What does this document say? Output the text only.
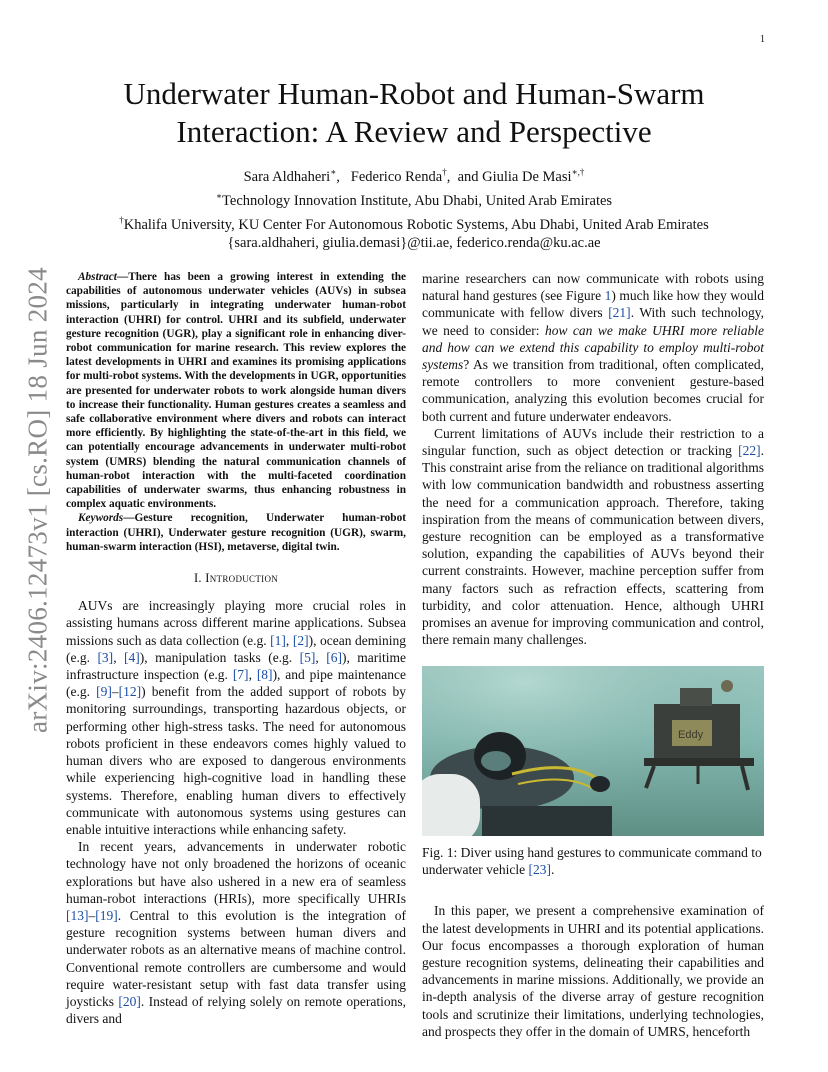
1
arXiv:2406.12473v1 [cs.RO] 18 Jun 2024
Underwater Human-Robot and Human-Swarm
Interaction: A Review and Perspective
Sara Aldhaheri∗,   Federico Renda†,  and Giulia De Masi∗,†
∗Technology Innovation Institute, Abu Dhabi, United Arab Emirates
†Khalifa University, KU Center For Autonomous Robotic Systems, Abu Dhabi, United Arab Emirates
{sara.aldhaheri, giulia.demasi}@tii.ae, federico.renda@ku.ac.ae

Abstract—There has been a growing interest in extending the capabilities of autonomous underwater vehicles (AUVs) in subsea missions, particularly in integrating underwater human-robot interaction (UHRI) for control. UHRI and its subfield, underwater gesture recognition (UGR), play a significant role in enhancing diver-robot communication for marine research. This review explores the latest developments in UHRI and examines its promising applications for multi-robot systems. With the developments in UGR, opportunities are presented for underwater robots to work alongside human divers to increase their functionality. Human gestures creates a seamless and safe collaborative environment where divers and robots can interact more efficiently. By highlighting the state-of-the-art in this field, we can potentially encourage advancements in underwater multi-robot system (UMRS) blending the natural communication channels of human-robot interaction with the multi-faceted coordination capabilities of underwater swarms, thus enhancing robustness in complex aquatic environments.

Keywords—Gesture recognition, Underwater human-robot interaction (UHRI), Underwater gesture recognition (UGR), swarm, human-swarm interaction (HSI), metaverse, digital twin.

I. Introduction

AUVs are increasingly playing more crucial roles in assisting humans across different marine applications. Subsea missions such as data collection (e.g. [1], [2]), ocean demining (e.g. [3], [4]), manipulation tasks (e.g. [5], [6]), maritime infrastructure inspection (e.g. [7], [8]), and pipe maintenance (e.g. [9]–[12]) benefit from the added support of robots by monitoring surroundings, transporting hazardous objects, or performing other high-stress tasks. The need for autonomous robots proficient in these endeavors comes highly valued to human divers who are exposed to dangerous environments while experiencing high-cognitive load in handling these systems. Therefore, enabling human divers to effectively communicate with autonomous systems using gestures can enable intuitive interactions while enhancing safety.

In recent years, advancements in underwater robotic technology have not only broadened the horizons of oceanic explorations but have also ushered in a new era of seamless human-robot interactions (HRIs), more specifically UHRIs [13]–[19]. Central to this evolution is the integration of gesture recognition systems between human divers and underwater robots as an alternative means of machine control. Conventional remote controllers are cumbersome and would require water-resistant setup with fast data transfer using joysticks [20]. Instead of relying solely on remote operations, divers and

marine researchers can now communicate with robots using natural hand gestures (see Figure 1) much like how they would communicate with fellow divers [21]. With such technology, we need to consider: how can we make UHRI more reliable and how can we extend this capability to employ multi-robot systems? As we transition from traditional, often complicated, remote controllers to more convenient gesture-based communication, analyzing this evolution becomes crucial for both current and future underwater endeavors.

Current limitations of AUVs include their restriction to a singular function, such as object detection or tracking [22]. This constraint arise from the reliance on traditional algorithms with low communication bandwidth and robustness asserting the need for a communication approach. Therefore, taking inspiration from the means of communication between divers, gesture recognition can be employed as a transformative solution, expanding the capabilities of AUVs beyond their current constraints. However, machine perception suffer from many factors such as refraction effects, scattering from turbidity, and color attenuation. Hence, although UHRI promises an avenue for improving communication and control, there remain many challenges.

Eddy
Fig. 1: Diver using hand gestures to communicate command to underwater vehicle [23].

In this paper, we present a comprehensive examination of the latest developments in UHRI and its potential applications. Our focus encompasses a thorough exploration of human gesture recognition systems, delineating their capabilities and advancements in marine missions. Additionally, we provide an in-depth analysis of the diverse array of gesture recognition tools and scrutinize their limitations, underlying technologies, and prospects they offer in the domain of UMRS, henceforth
